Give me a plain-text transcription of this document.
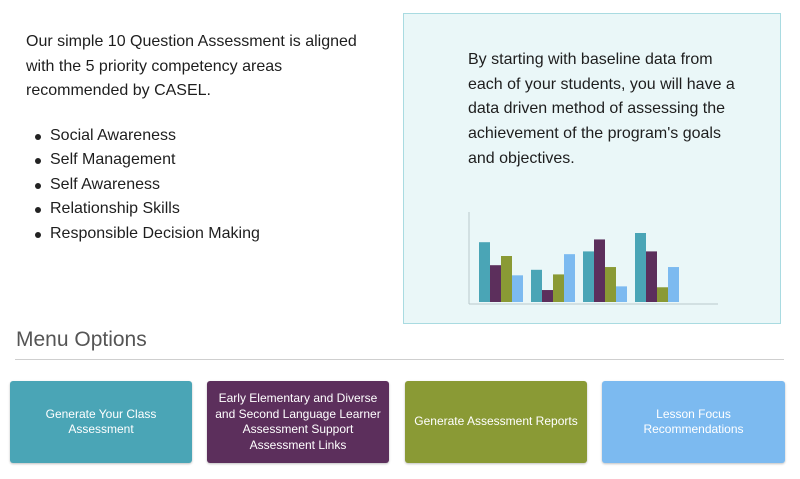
Our simple 10 Question Assessment is aligned with the 5 priority competency areas recommended by CASEL.

Social Awareness
Self Management
Self Awareness
Relationship Skills
Responsible Decision Making

By starting with baseline data from each of your students, you will have a data driven method of assessing the achievement of the program's goals and objectives.

Menu Options
Generate Your Class Assessment
Early Elementary and Diverse and Second Language Learner Assessment Support Assessment Links
Generate Assessment Reports
Lesson Focus Recommendations
